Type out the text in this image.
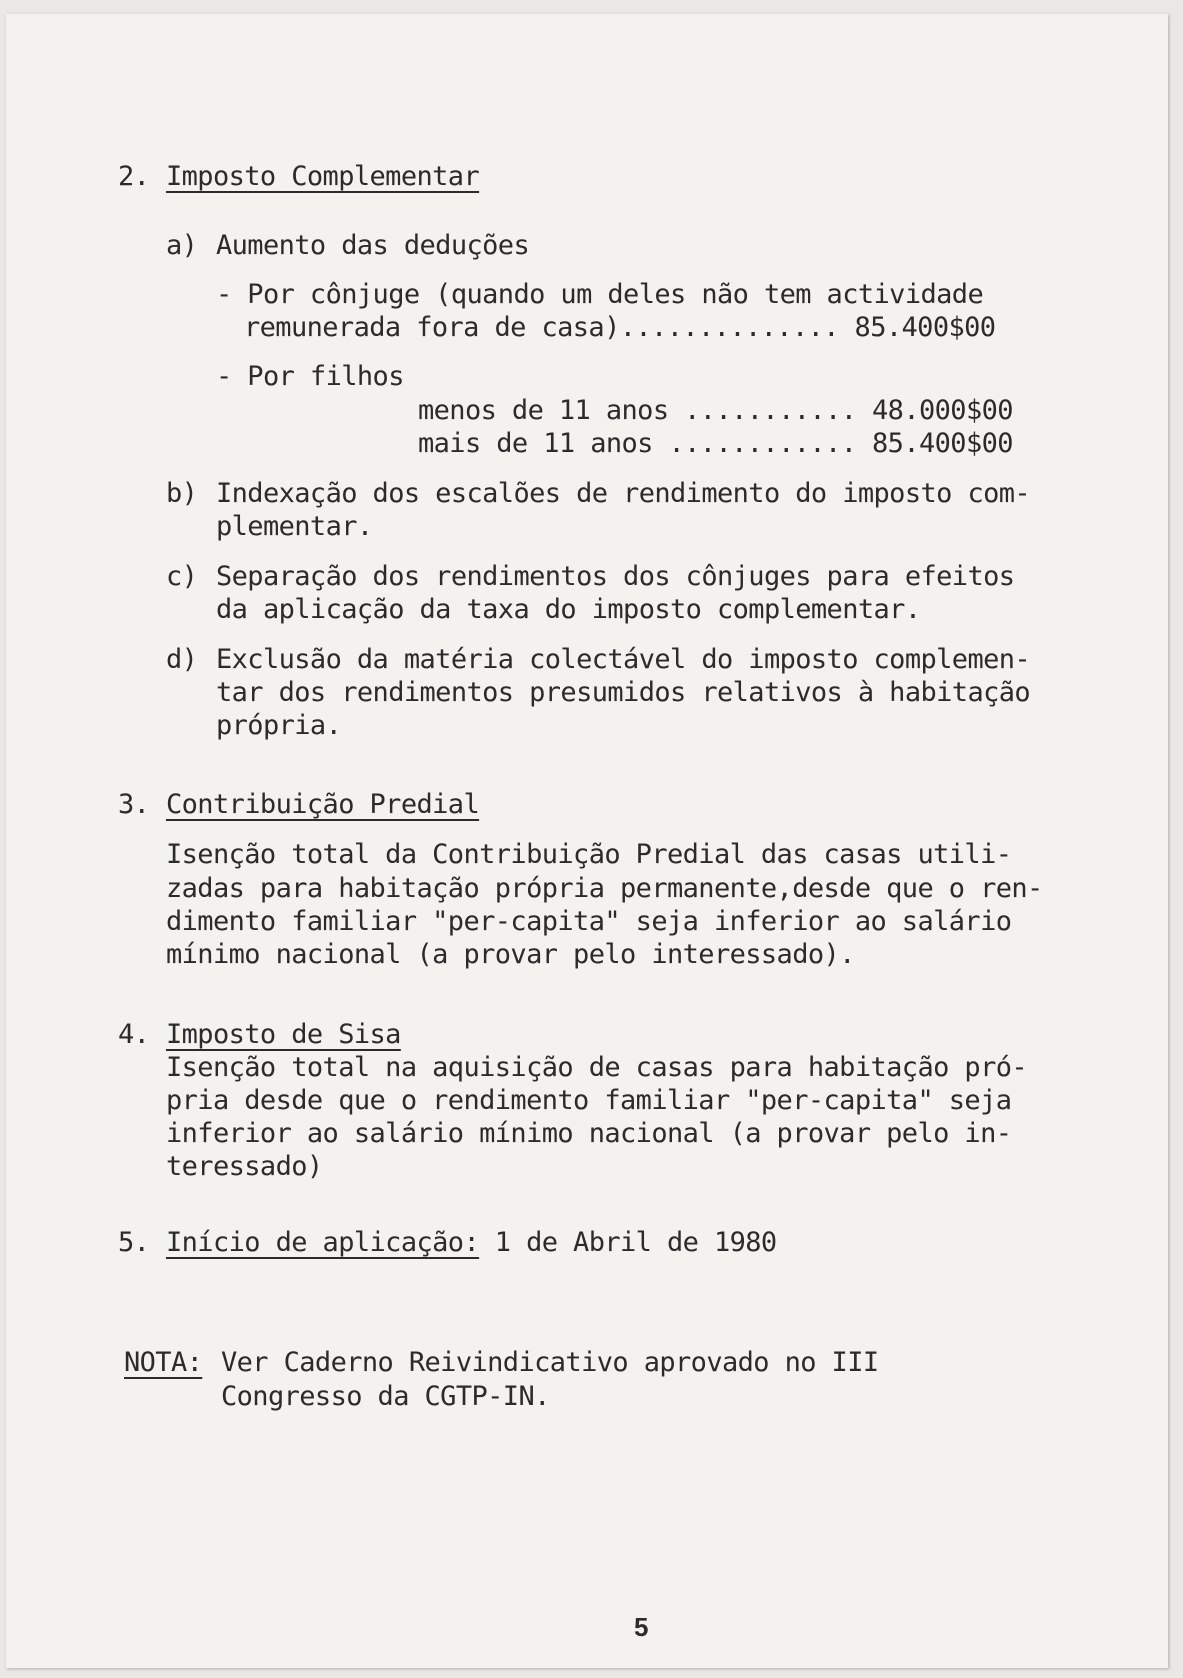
2. Imposto Complementar
a) Aumento das deduções
- Por cônjuge (quando um deles não tem actividade
remunerada fora de casa).............. 85.400$00
- Por filhos
menos de 11 anos ........... 48.000$00
mais de 11 anos ............ 85.400$00
b) Indexação dos escalões de rendimento do imposto com-
plementar.
c) Separação dos rendimentos dos cônjuges para efeitos
da aplicação da taxa do imposto complementar.
d) Exclusão da matéria colectável do imposto complemen-
tar dos rendimentos presumidos relativos à habitação
própria.
3. Contribuição Predial
Isenção total da Contribuição Predial das casas utili-
zadas para habitação própria permanente,desde que o ren-
dimento familiar "per-capita" seja inferior ao salário
mínimo nacional (a provar pelo interessado).
4. Imposto de Sisa
Isenção total na aquisição de casas para habitação pró-
pria desde que o rendimento familiar "per-capita" seja
inferior ao salário mínimo nacional (a provar pelo in-
teressado)
5. Início de aplicação: 1 de Abril de 1980
NOTA: Ver Caderno Reivindicativo aprovado no III
Congresso da CGTP-IN.
5
